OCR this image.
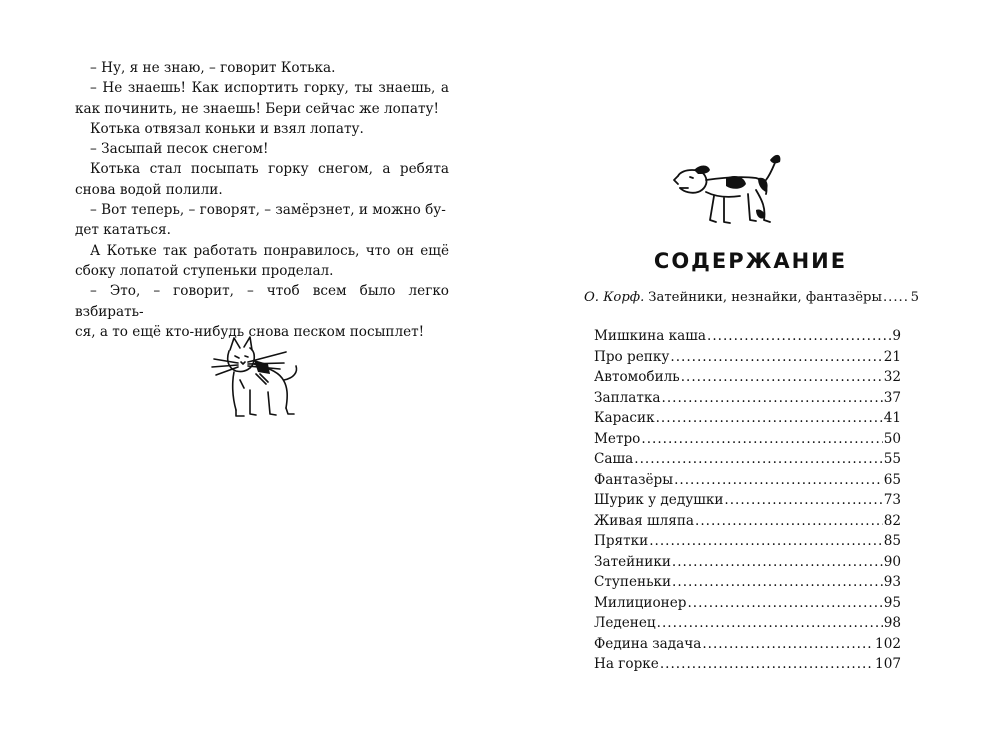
– Ну, я не знаю, – говорит Котька.

– Не знаешь! Как испортить горку, ты знаешь, а как починить, не знаешь! Бери сейчас же лопату!

Котька отвязал коньки и взял лопату.

– Засыпай песок снегом!

Котька стал посыпать горку снегом, а ребята снова водой полили.

– Вот теперь, – говорят, – замёрзнет, и можно бу-
дет кататься.

А Котьке так работать понравилось, что он ещё сбоку лопатой ступеньки проделал.

– Это, – говорит, – чтоб всем было легко взбирать-
ся, а то ещё кто-нибудь снова песком посыплет!

СОДЕРЖАНИЕ
О. Корф. Затейники, незнайки, фантазёры ..... 5
Мишкина каша .....	9
Про репку .....	21
Автомобиль .....	32
Заплатка .....	37
Карасик .....	41
Метро .....	50
Саша .....	55
Фантазёры .....	65
Шурик у дедушки .....	73
Живая шляпа .....	82
Прятки .....	85
Затейники .....	90
Ступеньки .....	93
Милиционер .....	95
Леденец .....	98
Федина задача .....	102
На горке .....	107
